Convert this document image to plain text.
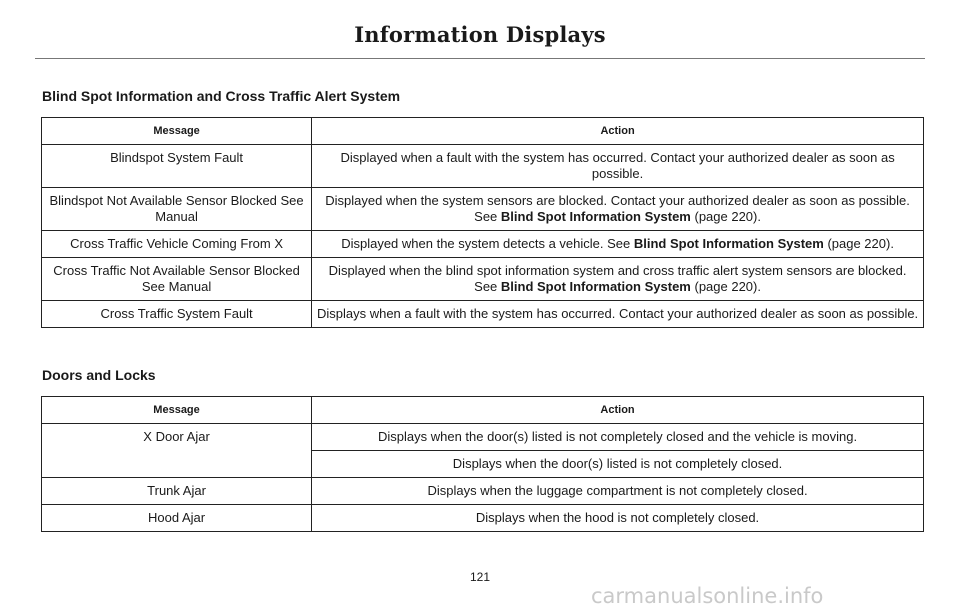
Information Displays
Blind Spot Information and Cross Traffic Alert System
Message	Action
Blindspot System Fault	Displayed when a fault with the system has occurred. Contact your authorized dealer as soon as possible.
Blindspot Not Available Sensor Blocked See Manual	Displayed when the system sensors are blocked. Contact your authorized dealer as soon as possible. See Blind Spot Information System (page 220).
Cross Traffic Vehicle Coming From X	Displayed when the system detects a vehicle. See Blind Spot Information System (page 220).
Cross Traffic Not Available Sensor Blocked See Manual	Displayed when the blind spot information system and cross traffic alert system sensors are blocked. See Blind Spot Information System (page 220).
Cross Traffic System Fault	Displays when a fault with the system has occurred. Contact your authorized dealer as soon as possible.
Doors and Locks
Message	Action
X Door Ajar	Displays when the door(s) listed is not completely closed and the vehicle is moving.
	Displays when the door(s) listed is not completely closed.
Trunk Ajar	Displays when the luggage compartment is not completely closed.
Hood Ajar	Displays when the hood is not completely closed.
121
carmanualsonline.info
